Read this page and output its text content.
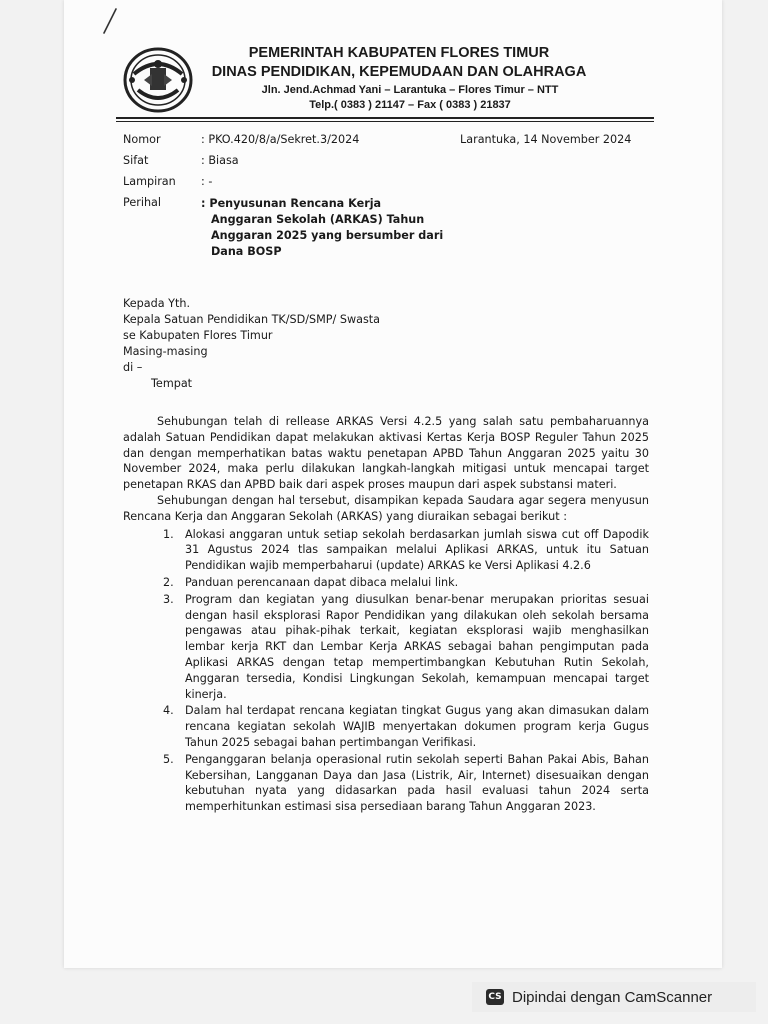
PEMERINTAH KABUPATEN FLORES TIMUR
DINAS PENDIDIKAN, KEPEMUDAAN DAN OLAHRAGA
Jln. Jend.Achmad Yani – Larantuka – Flores Timur – NTT
Telp.( 0383 ) 21147 – Fax ( 0383 ) 21837
Nomor	: PKO.420/8/a/Sekret.3/2024
Sifat	: Biasa
Lampiran	: -
Perihal	: Penyusunan Rencana Kerja
Anggaran Sekolah (ARKAS) Tahun
Anggaran 2025 yang bersumber dari
Dana BOSP
Larantuka, 14 November 2024
Kepada Yth.
Kepala Satuan Pendidikan TK/SD/SMP/ Swasta
se Kabupaten Flores Timur
Masing-masing
di –
Tempat

Sehubungan telah di rellease ARKAS Versi 4.2.5 yang salah satu pembaharuannya adalah Satuan Pendidikan dapat melakukan aktivasi Kertas Kerja BOSP Reguler Tahun 2025 dan dengan memperhatikan batas waktu penetapan APBD Tahun Anggaran 2025 yaitu 30 November 2024, maka perlu dilakukan langkah-langkah mitigasi untuk mencapai target penetapan RKAS dan APBD baik dari aspek proses maupun dari aspek substansi materi.

Sehubungan dengan hal tersebut, disampikan kepada Saudara agar segera menyusun Rencana Kerja dan Anggaran Sekolah (ARKAS) yang diuraikan sebagai berikut :

1. Alokasi anggaran untuk setiap sekolah berdasarkan jumlah siswa cut off Dapodik 31 Agustus 2024 tlas sampaikan melalui Aplikasi ARKAS, untuk itu Satuan Pendidikan wajib memperbaharui (update) ARKAS ke Versi Aplikasi 4.2.6
2. Panduan perencanaan dapat dibaca melalui link.
3. Program dan kegiatan yang diusulkan benar-benar merupakan prioritas sesuai dengan hasil eksplorasi Rapor Pendidikan yang dilakukan oleh sekolah bersama pengawas atau pihak-pihak terkait, kegiatan eksplorasi wajib menghasilkan lembar kerja RKT dan Lembar Kerja ARKAS sebagai bahan pengimputan pada Aplikasi ARKAS dengan tetap mempertimbangkan Kebutuhan Rutin Sekolah, Anggaran tersedia, Kondisi Lingkungan Sekolah, kemampuan mencapai target kinerja.
4. Dalam hal terdapat rencana kegiatan tingkat Gugus yang akan dimasukan dalam rencana kegiatan sekolah WAJIB menyertakan dokumen program kerja Gugus Tahun 2025 sebagai bahan pertimbangan Verifikasi.
5. Penganggaran belanja operasional rutin sekolah seperti Bahan Pakai Abis, Bahan Kebersihan, Langganan Daya dan Jasa (Listrik, Air, Internet) disesuaikan dengan kebutuhan nyata yang didasarkan pada hasil evaluasi tahun 2024 serta memperhitunkan estimasi sisa persediaan barang Tahun Anggaran 2023.
CS Dipindai dengan CamScanner
